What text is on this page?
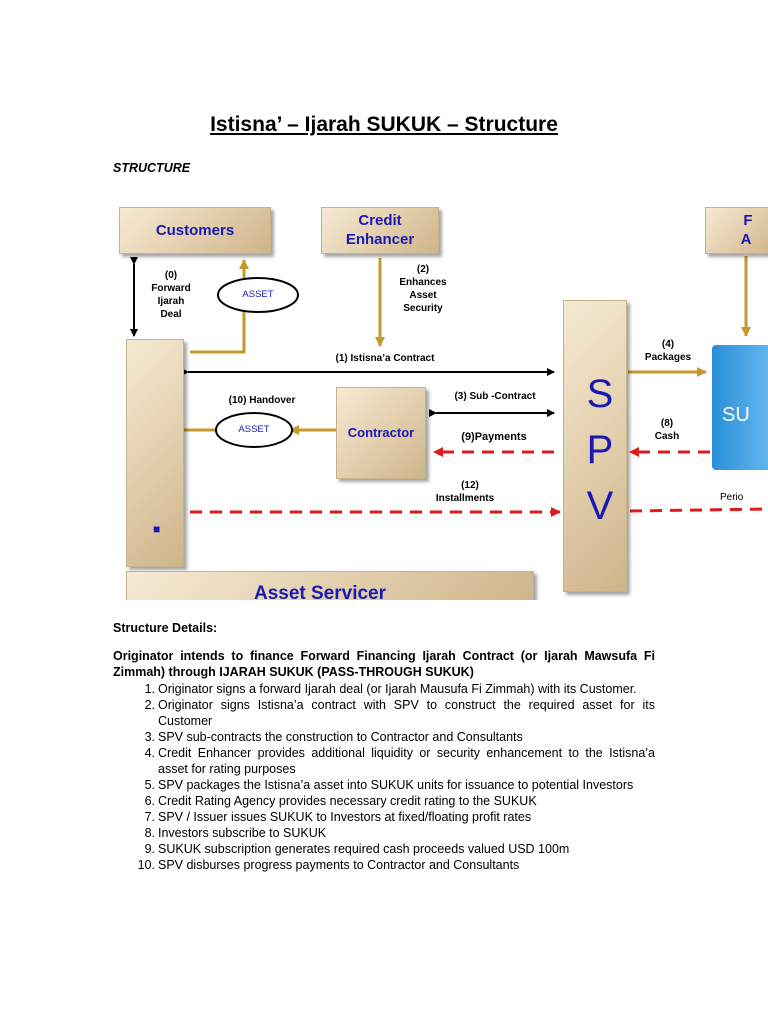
Istisna’ – Ijarah SUKUK – Structure
STRUCTURE
Customers
Credit
Enhancer
F
A
(0)
Forward
Ijarah
Deal
ASSET
(2)
Enhances
Asset
Security
■
(1) Istisna’a Contract
S
P
V
(4)
Packages
SU
(10) Handover
ASSET	Contractor
(3) Sub -Contract
(9)Payments
(8)
Cash
(12)
Installments	Perio
Asset Servicer
Structure Details:
Originator intends to finance Forward Financing Ijarah Contract (or Ijarah Mawsufa Fi Zimmah) through IJARAH SUKUK (PASS-THROUGH SUKUK)
1. Originator signs a forward Ijarah deal (or Ijarah Mausufa Fi Zimmah) with its Customer.
2. Originator signs Istisna’a contract with SPV to construct the required asset for its Customer
3. SPV sub-contracts the construction to Contractor and Consultants
4. Credit Enhancer provides additional liquidity or security enhancement to the Istisna’a asset for rating purposes
5. SPV packages the Istisna’a asset into SUKUK units for issuance to potential Investors
6. Credit Rating Agency provides necessary credit rating to the SUKUK
7. SPV / Issuer issues SUKUK to Investors at fixed/floating profit rates
8. Investors subscribe to SUKUK
9. SUKUK subscription generates required cash proceeds valued USD 100m
10. SPV disburses progress payments to Contractor and Consultants
